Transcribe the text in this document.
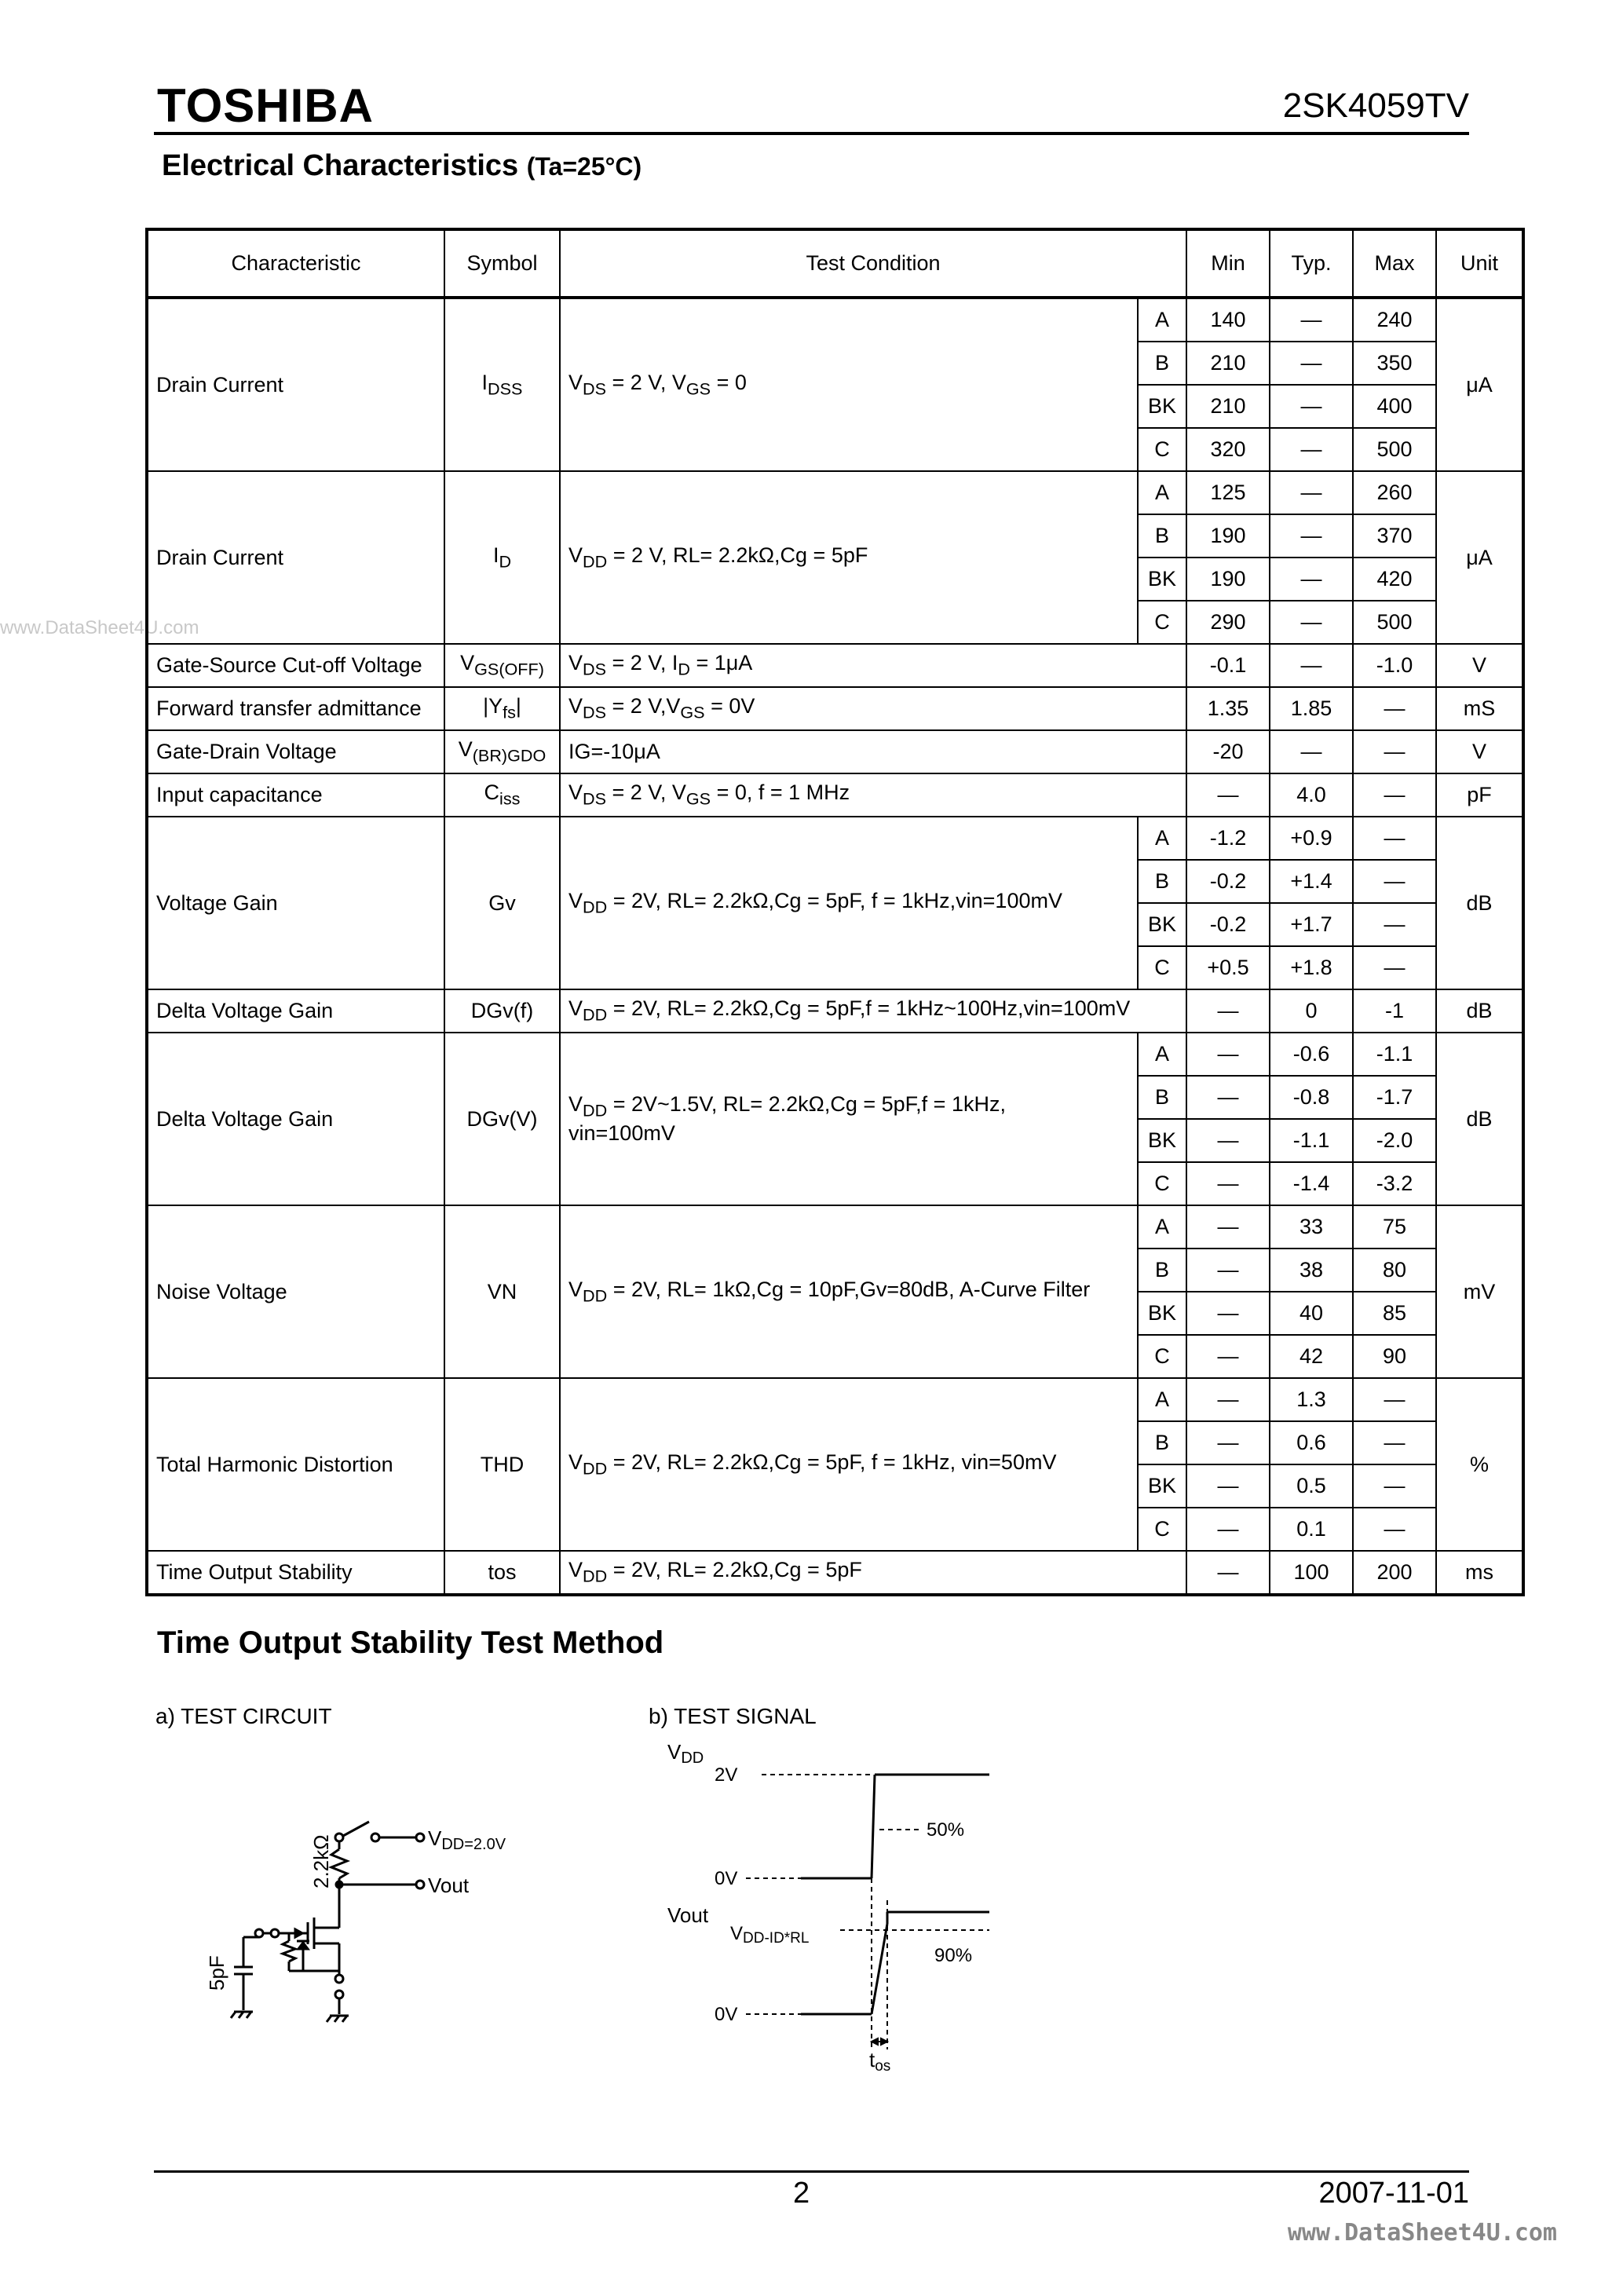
TOSHIBA	2SK4059TV
Electrical Characteristics (Ta=25°C)
www.DataSheet4U.com
Characteristic	Symbol	Test Condition		Min	Typ.	Max	Unit
Drain Current	$I_{DSS}$	$V_{DS} = 2$ V, $V_{GS} = 0$	A	140	—	240	μA
			B	210	—	350	
			BK	210	—	400	
			C	320	—	500	
Drain Current	$I_D$	$V_{DD} = 2$ V, RL= 2.2kΩ,Cg = 5pF	A	125	—	260	μA
			B	190	—	370	
			BK	190	—	420	
			C	290	—	500	
Gate-Source Cut-off Voltage	$V_{GS(OFF)}$	$V_{DS} = 2$ V, $I_D = 1\mu A$		-0.1	—	-1.0	V
Forward transfer admittance	$|Y_{fs}|$	$V_{DS} = 2$ $V,V_{GS} = 0V$		1.35	1.85	—	mS
Gate-Drain Voltage	$V_{(BR)GDO}$	IG=-10μA		-20	—	—	V
Input capacitance	$C_{iss}$	$V_{DS} = 2$ V, $V_{GS} = 0$, f = 1 MHz		—	4.0	—	pF
Voltage Gain	Gv	$V_{DD} = 2V$, RL= 2.2kΩ,Cg = 5pF, f = 1kHz,vin=100mV	A	-1.2	+0.9	—	dB
			B	-0.2	+1.4	—	
			BK	-0.2	+1.7	—	
			C	+0.5	+1.8	—	
Delta Voltage Gain	DGv(f)	$V_{DD} = 2V$, RL= 2.2kΩ,Cg = 5pF,f = 1kHz~100Hz,vin=100mV		—	0	-1	dB
Delta Voltage Gain	DGv(V)	$V_{DD}$ = 2V~1.5V, RL= 2.2kΩ,Cg = 5pF,f = 1kHz,
vin=100mV	A	—	-0.6	-1.1	dB
			B	—	-0.8	-1.7	
			BK	—	-1.1	-2.0	
			C	—	-1.4	-3.2	
Noise Voltage	VN	$V_{DD} = 2V$, RL= 1kΩ,Cg = 10pF,Gv=80dB, A-Curve Filter	A	—	33	75	mV
			B	—	38	80	
			BK	—	40	85	
			C	—	42	90	
Total Harmonic Distortion	THD	$V_{DD} = 2V$, RL= 2.2kΩ,Cg = 5pF, f = 1kHz, vin=50mV	A	—	1.3	—	%
			B	—	0.6	—	
			BK	—	0.5	—	
			C	—	0.1	—	
Time Output Stability	tos	$V_{DD} = 2V$, RL= 2.2kΩ,Cg = 5pF		—	100	200	ms
Time Output Stability Test Method
a) TEST CIRCUIT	b) TEST SIGNAL
2.2kΩ	VDD=2.0V
Vout
5pF
VDD
2V
50%
0V
Vout
VDD-ID*RL
90%
0V
tos
2	2007-11-01
www.DataSheet4U.com
